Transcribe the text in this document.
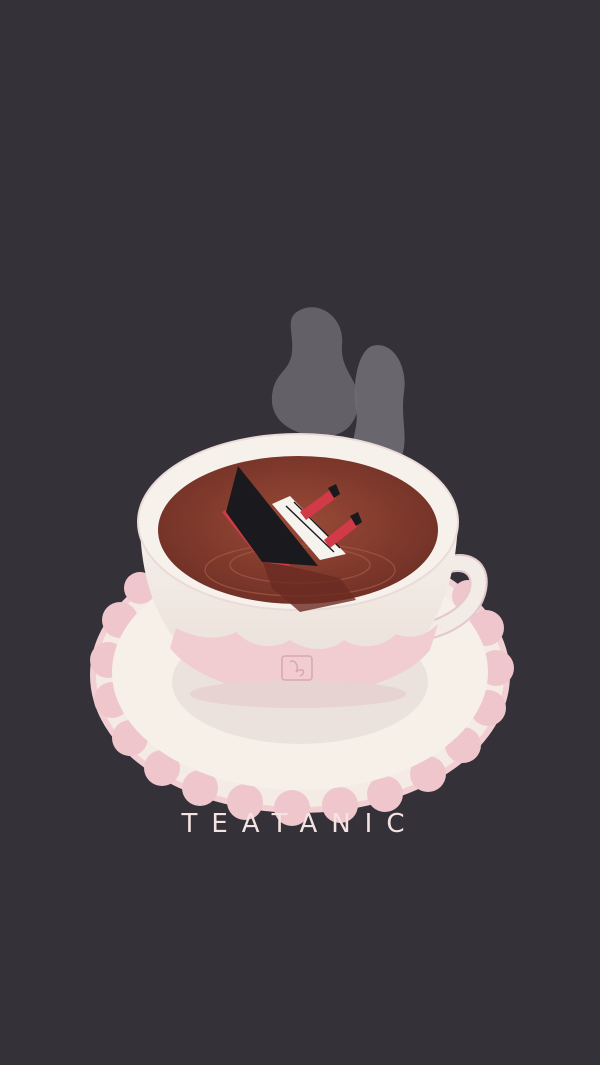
TEATANIC
